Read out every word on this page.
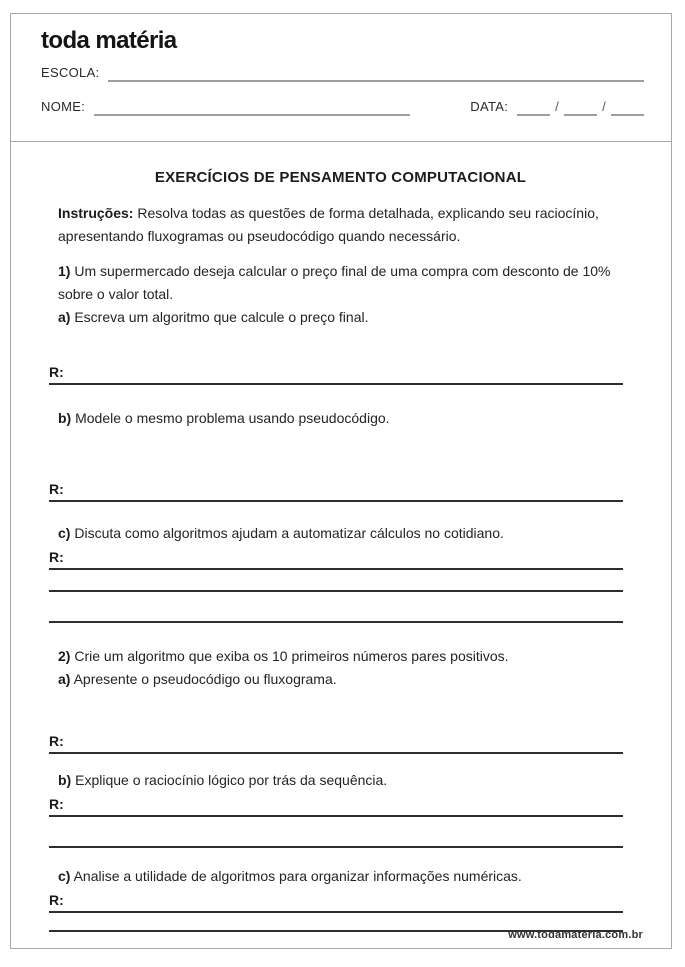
toda matéria
ESCOLA:
NOME:	DATA:	/	/
EXERCÍCIOS DE PENSAMENTO COMPUTACIONAL

Instruções: Resolva todas as questões de forma detalhada, explicando seu raciocínio, apresentando fluxogramas ou pseudocódigo quando necessário.

1) Um supermercado deseja calcular o preço final de uma compra com desconto de 10% sobre o valor total.

a) Escreva um algoritmo que calcule o preço final.

R:

b) Modele o mesmo problema usando pseudocódigo.

R:

c) Discuta como algoritmos ajudam a automatizar cálculos no cotidiano.

R:

2) Crie um algoritmo que exiba os 10 primeiros números pares positivos.

a) Apresente o pseudocódigo ou fluxograma.

R:

b) Explique o raciocínio lógico por trás da sequência.

R:

c) Analise a utilidade de algoritmos para organizar informações numéricas.

R:
www.todamateria.com.br
